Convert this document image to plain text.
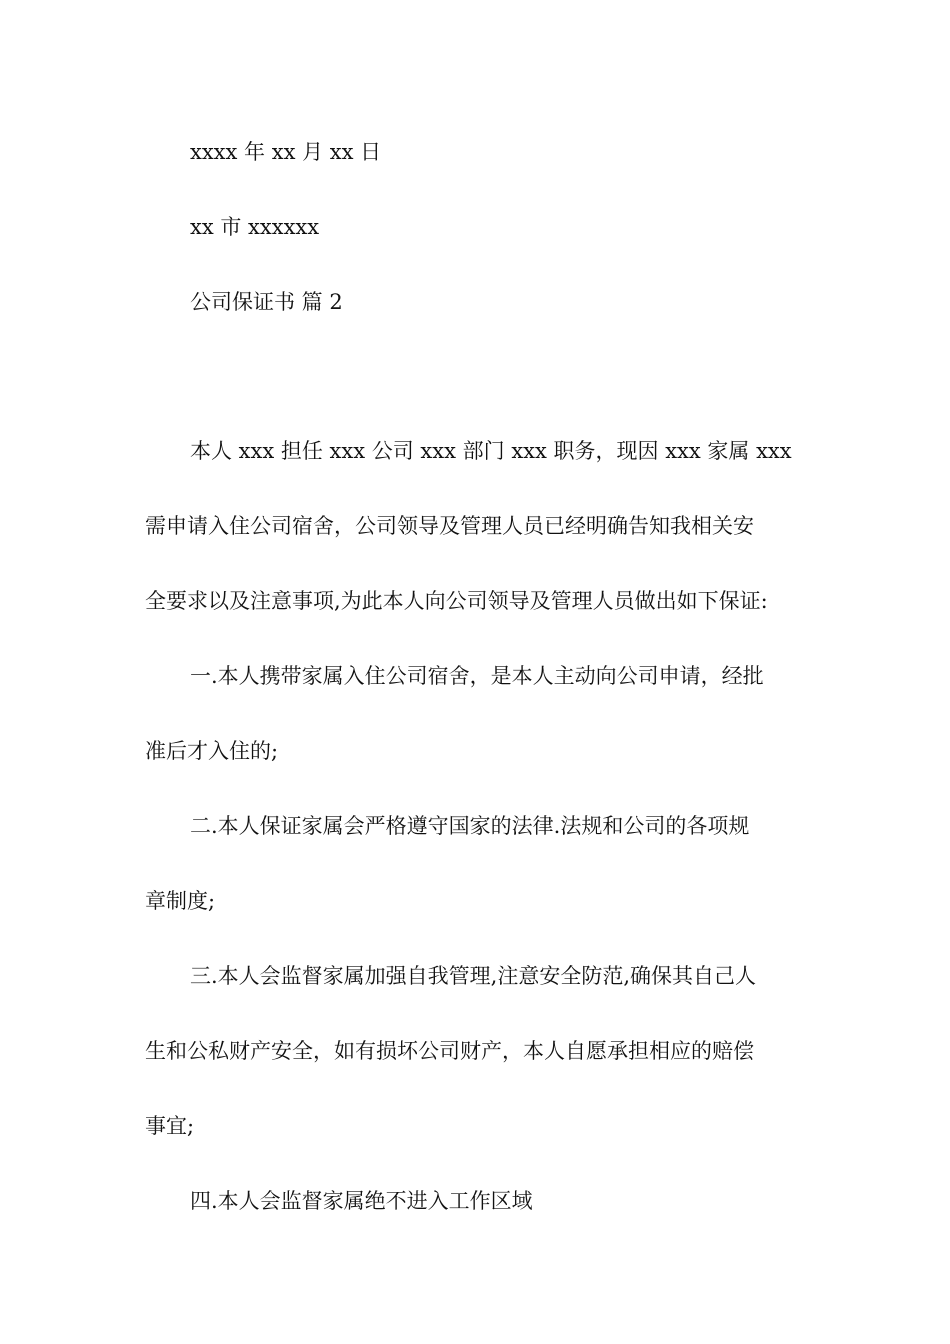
xxxx 年 xx 月 xx 日
xx 市 xxxxxx
公司保证书 篇 2
本人 xxx 担任 xxx 公司 xxx 部门 xxx 职务，现因 xxx 家属 xxx
需申请入住公司宿舍，公司领导及管理人员已经明确告知我相关安
全要求以及注意事项,为此本人向公司领导及管理人员做出如下保证:
一.本人携带家属入住公司宿舍，是本人主动向公司申请，经批
准后才入住的;
二.本人保证家属会严格遵守国家的法律.法规和公司的各项规
章制度;
三.本人会监督家属加强自我管理,注意安全防范,确保其自己人
生和公私财产安全，如有损坏公司财产，本人自愿承担相应的赔偿
事宜;
四.本人会监督家属绝不进入工作区域
